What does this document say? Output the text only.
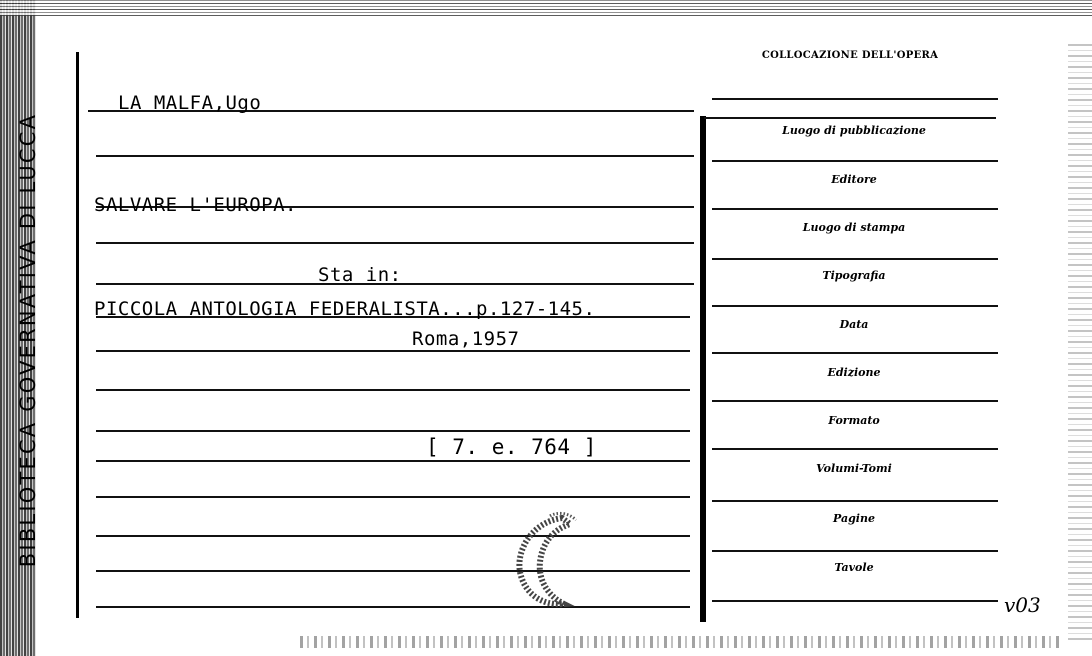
BIBLIOTECA GOVERNATIVA DI LUCCA
LA MALFA,Ugo
SALVARE L'EUROPA.
Sta in:
PICCOLA ANTOLOGIA FEDERALISTA...p.127-145.
Roma,1957
[ 7. e. 764 ]
COLLOCAZIONE DELL'OPERA
Luogo di pubblicazione
Editore
Luogo di stampa
Tipografia
Data
Edizione
Formato
Volumi-Tomi
Pagine
Tavole
v03
